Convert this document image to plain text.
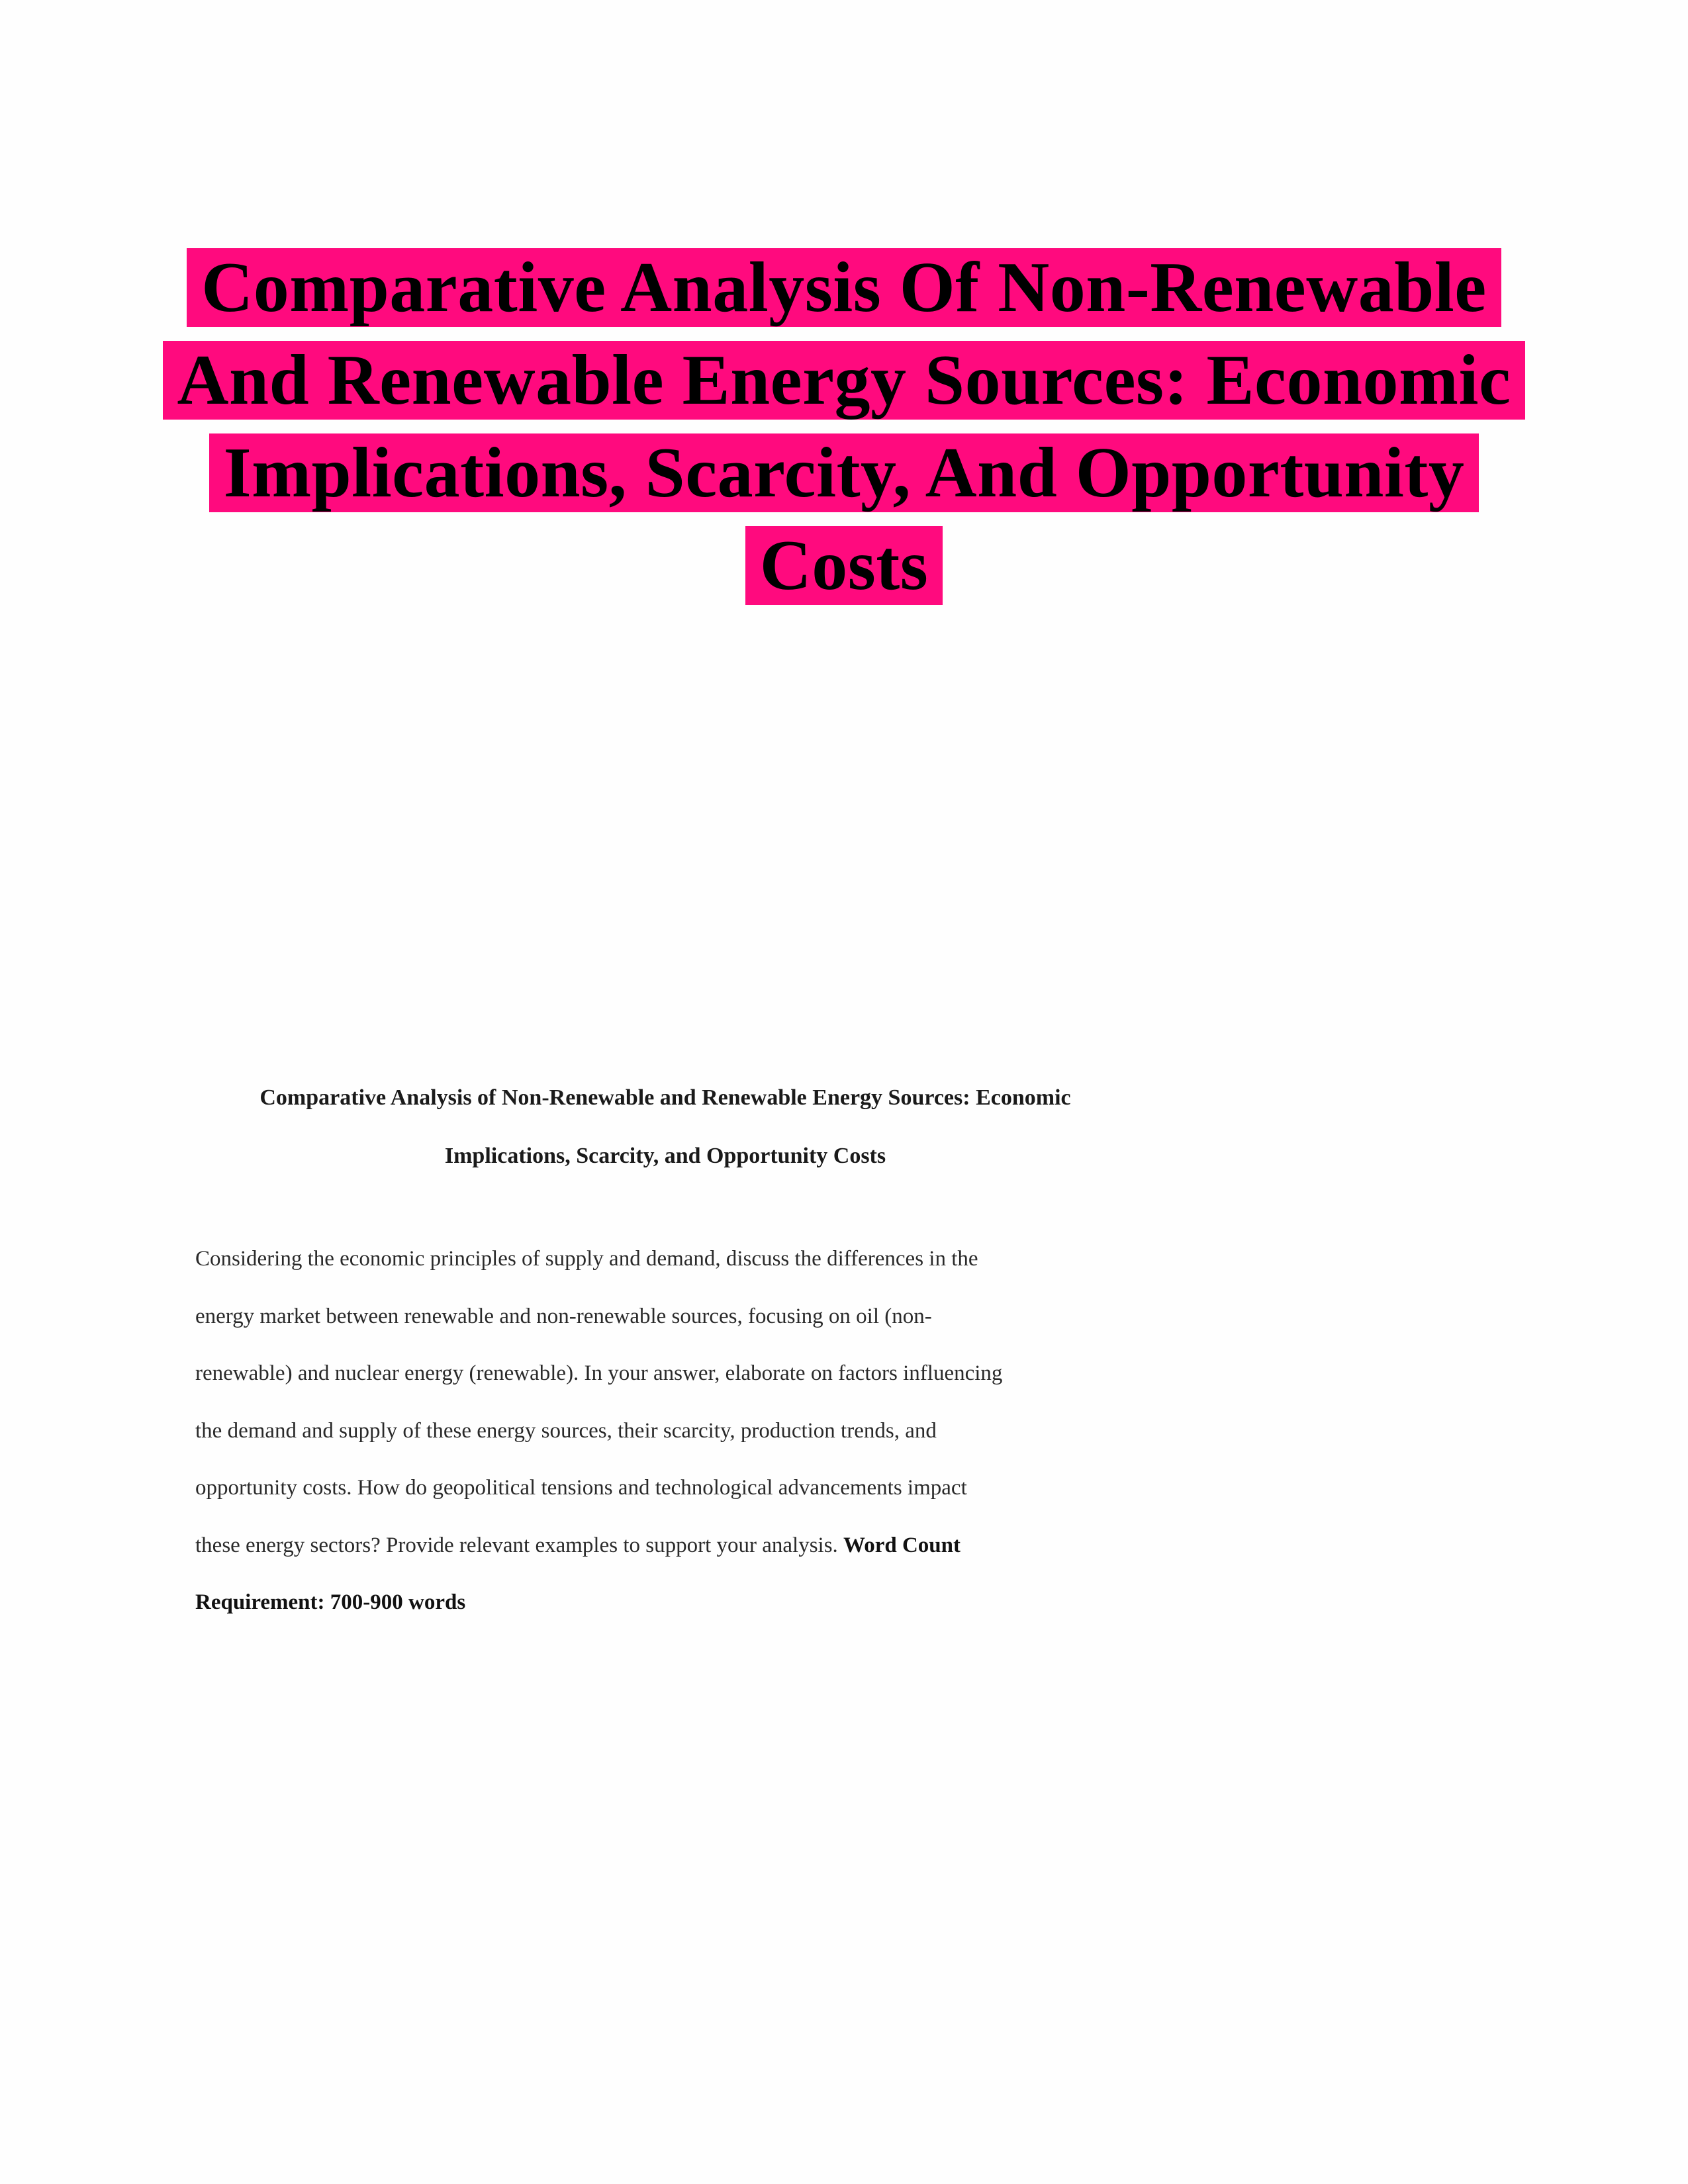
Comparative Analysis Of Non-Renewable
And Renewable Energy Sources: Economic
Implications, Scarcity, And Opportunity
Costs
Comparative Analysis of Non-Renewable and Renewable Energy Sources: Economic
Implications, Scarcity, and Opportunity Costs
Considering the economic principles of supply and demand, discuss the differences in the
energy market between renewable and non-renewable sources, focusing on oil (non-
renewable) and nuclear energy (renewable). In your answer, elaborate on factors influencing
the demand and supply of these energy sources, their scarcity, production trends, and
opportunity costs. How do geopolitical tensions and technological advancements impact
these energy sectors? Provide relevant examples to support your analysis. Word Count
Requirement: 700-900 words
